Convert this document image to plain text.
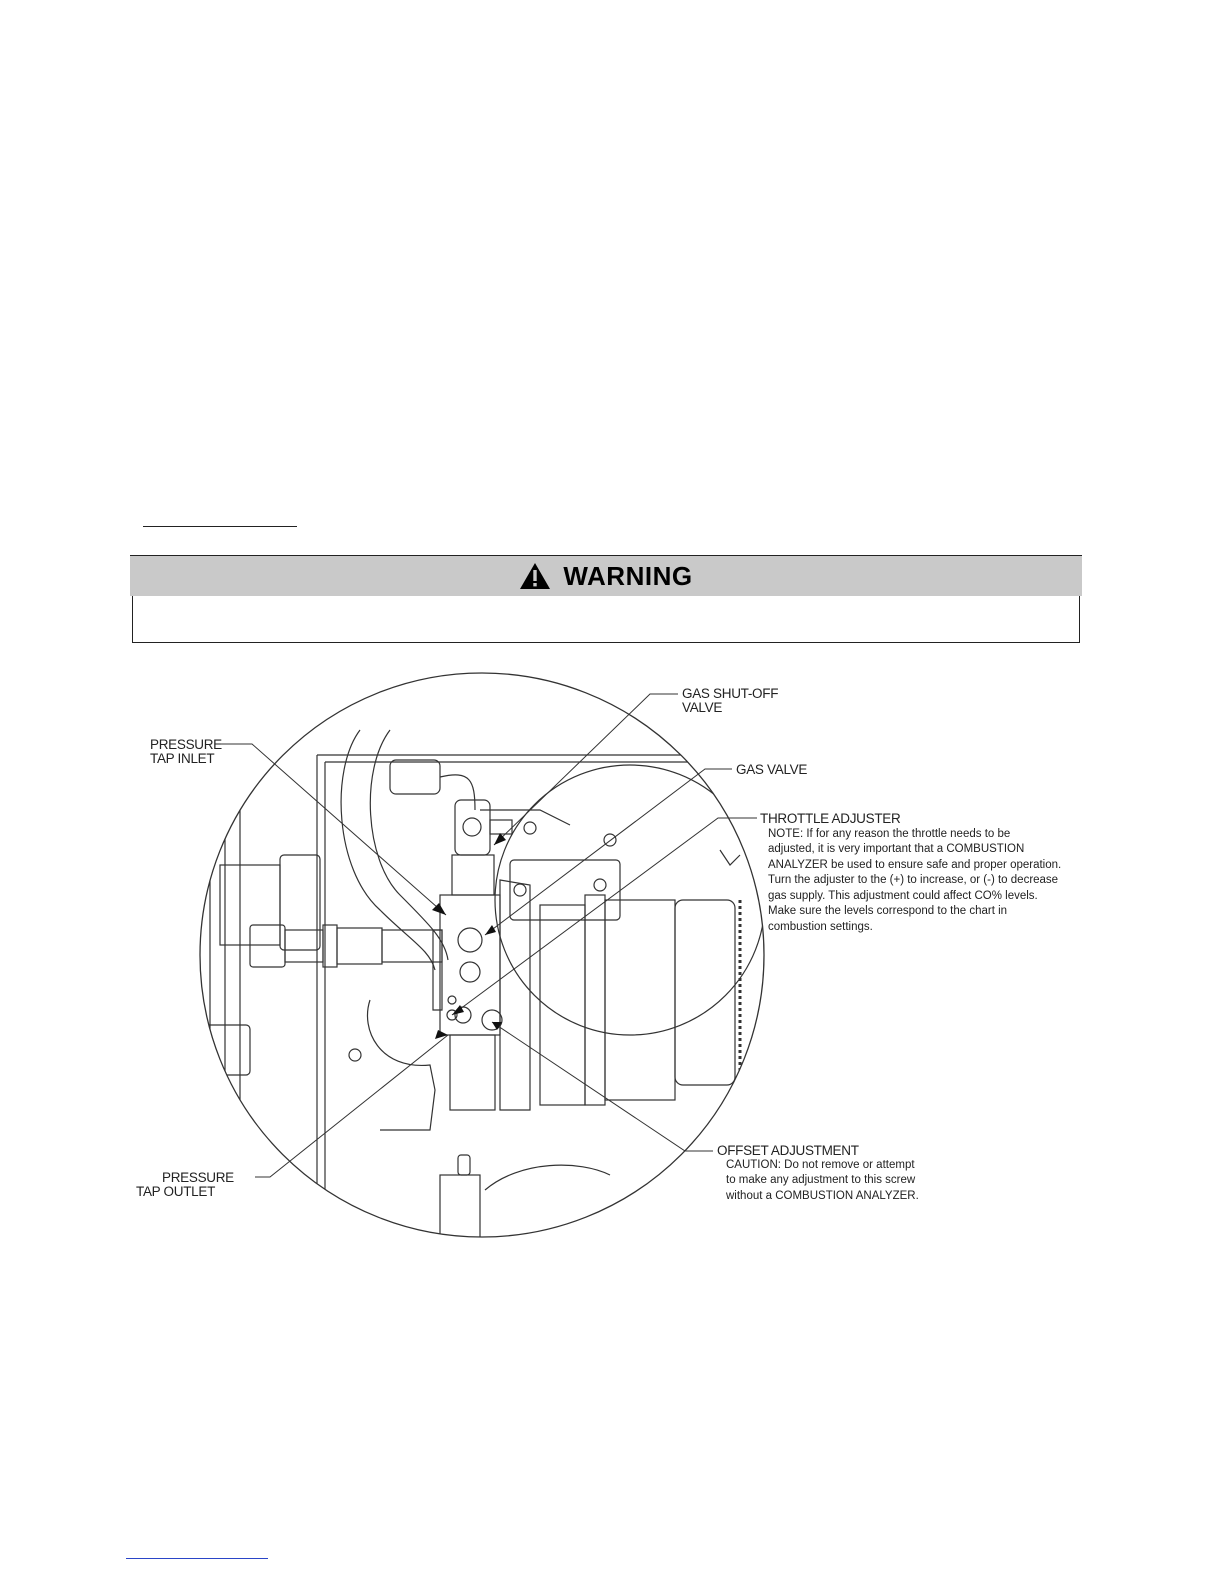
WARNING
PRESSURE
TAP INLET
GAS SHUT-OFF
VALVE
GAS VALVE
THROTTLE ADJUSTER
NOTE: If for any reason the throttle needs to be
adjusted, it is very important that a COMBUSTION
ANALYZER be used to ensure safe and proper operation.
Turn the adjuster to the (+) to increase, or (-) to decrease
gas supply. This adjustment could affect CO% levels.
Make sure the levels correspond to the chart in
combustion settings.
OFFSET ADJUSTMENT
CAUTION: Do not remove or attempt
to make any adjustment to this screw
without a COMBUSTION ANALYZER.
PRESSURE
TAP OUTLET
